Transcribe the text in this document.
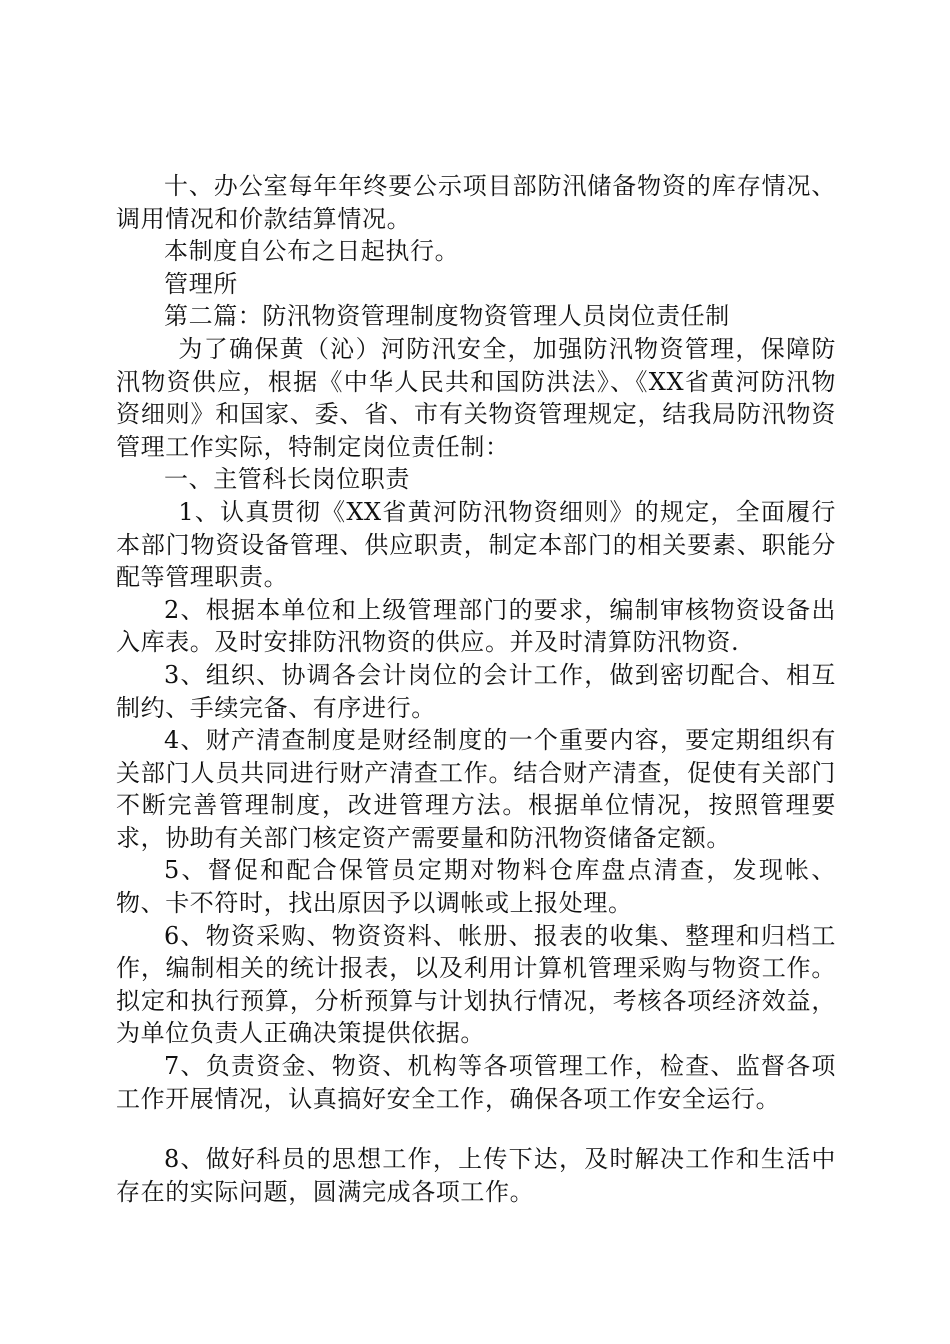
十、办公室每年年终要公示项目部防汛储备物资的库存情况、调用情况和价款结算情况。

本制度自公布之日起执行。

管理所

第二篇：防汛物资管理制度物资管理人员岗位责任制

为了确保黄（沁）河防汛安全，加强防汛物资管理，保障防汛物资供应，根据《中华人民共和国防洪法》、《XX省黄河防汛物资细则》和国家、委、省、市有关物资管理规定，结我局防汛物资管理工作实际，特制定岗位责任制：

一、主管科长岗位职责

1、认真贯彻《XX省黄河防汛物资细则》的规定，全面履行本部门物资设备管理、供应职责，制定本部门的相关要素、职能分配等管理职责。

2、根据本单位和上级管理部门的要求，编制审核物资设备出入库表。及时安排防汛物资的供应。并及时清算防汛物资.

3、组织、协调各会计岗位的会计工作，做到密切配合、相互制约、手续完备、有序进行。

4、财产清查制度是财经制度的一个重要内容，要定期组织有关部门人员共同进行财产清查工作。结合财产清查，促使有关部门不断完善管理制度，改进管理方法。根据单位情况，按照管理要求，协助有关部门核定资产需要量和防汛物资储备定额。

5、督促和配合保管员定期对物料仓库盘点清查，发现帐、物、卡不符时，找出原因予以调帐或上报处理。

6、物资采购、物资资料、帐册、报表的收集、整理和归档工作，编制相关的统计报表，以及利用计算机管理采购与物资工作。拟定和执行预算，分析预算与计划执行情况，考核各项经济效益，为单位负责人正确决策提供依据。

7、负责资金、物资、机构等各项管理工作，检查、监督各项工作开展情况，认真搞好安全工作，确保各项工作安全运行。

8、做好科员的思想工作，上传下达，及时解决工作和生活中存在的实际问题，圆满完成各项工作。
